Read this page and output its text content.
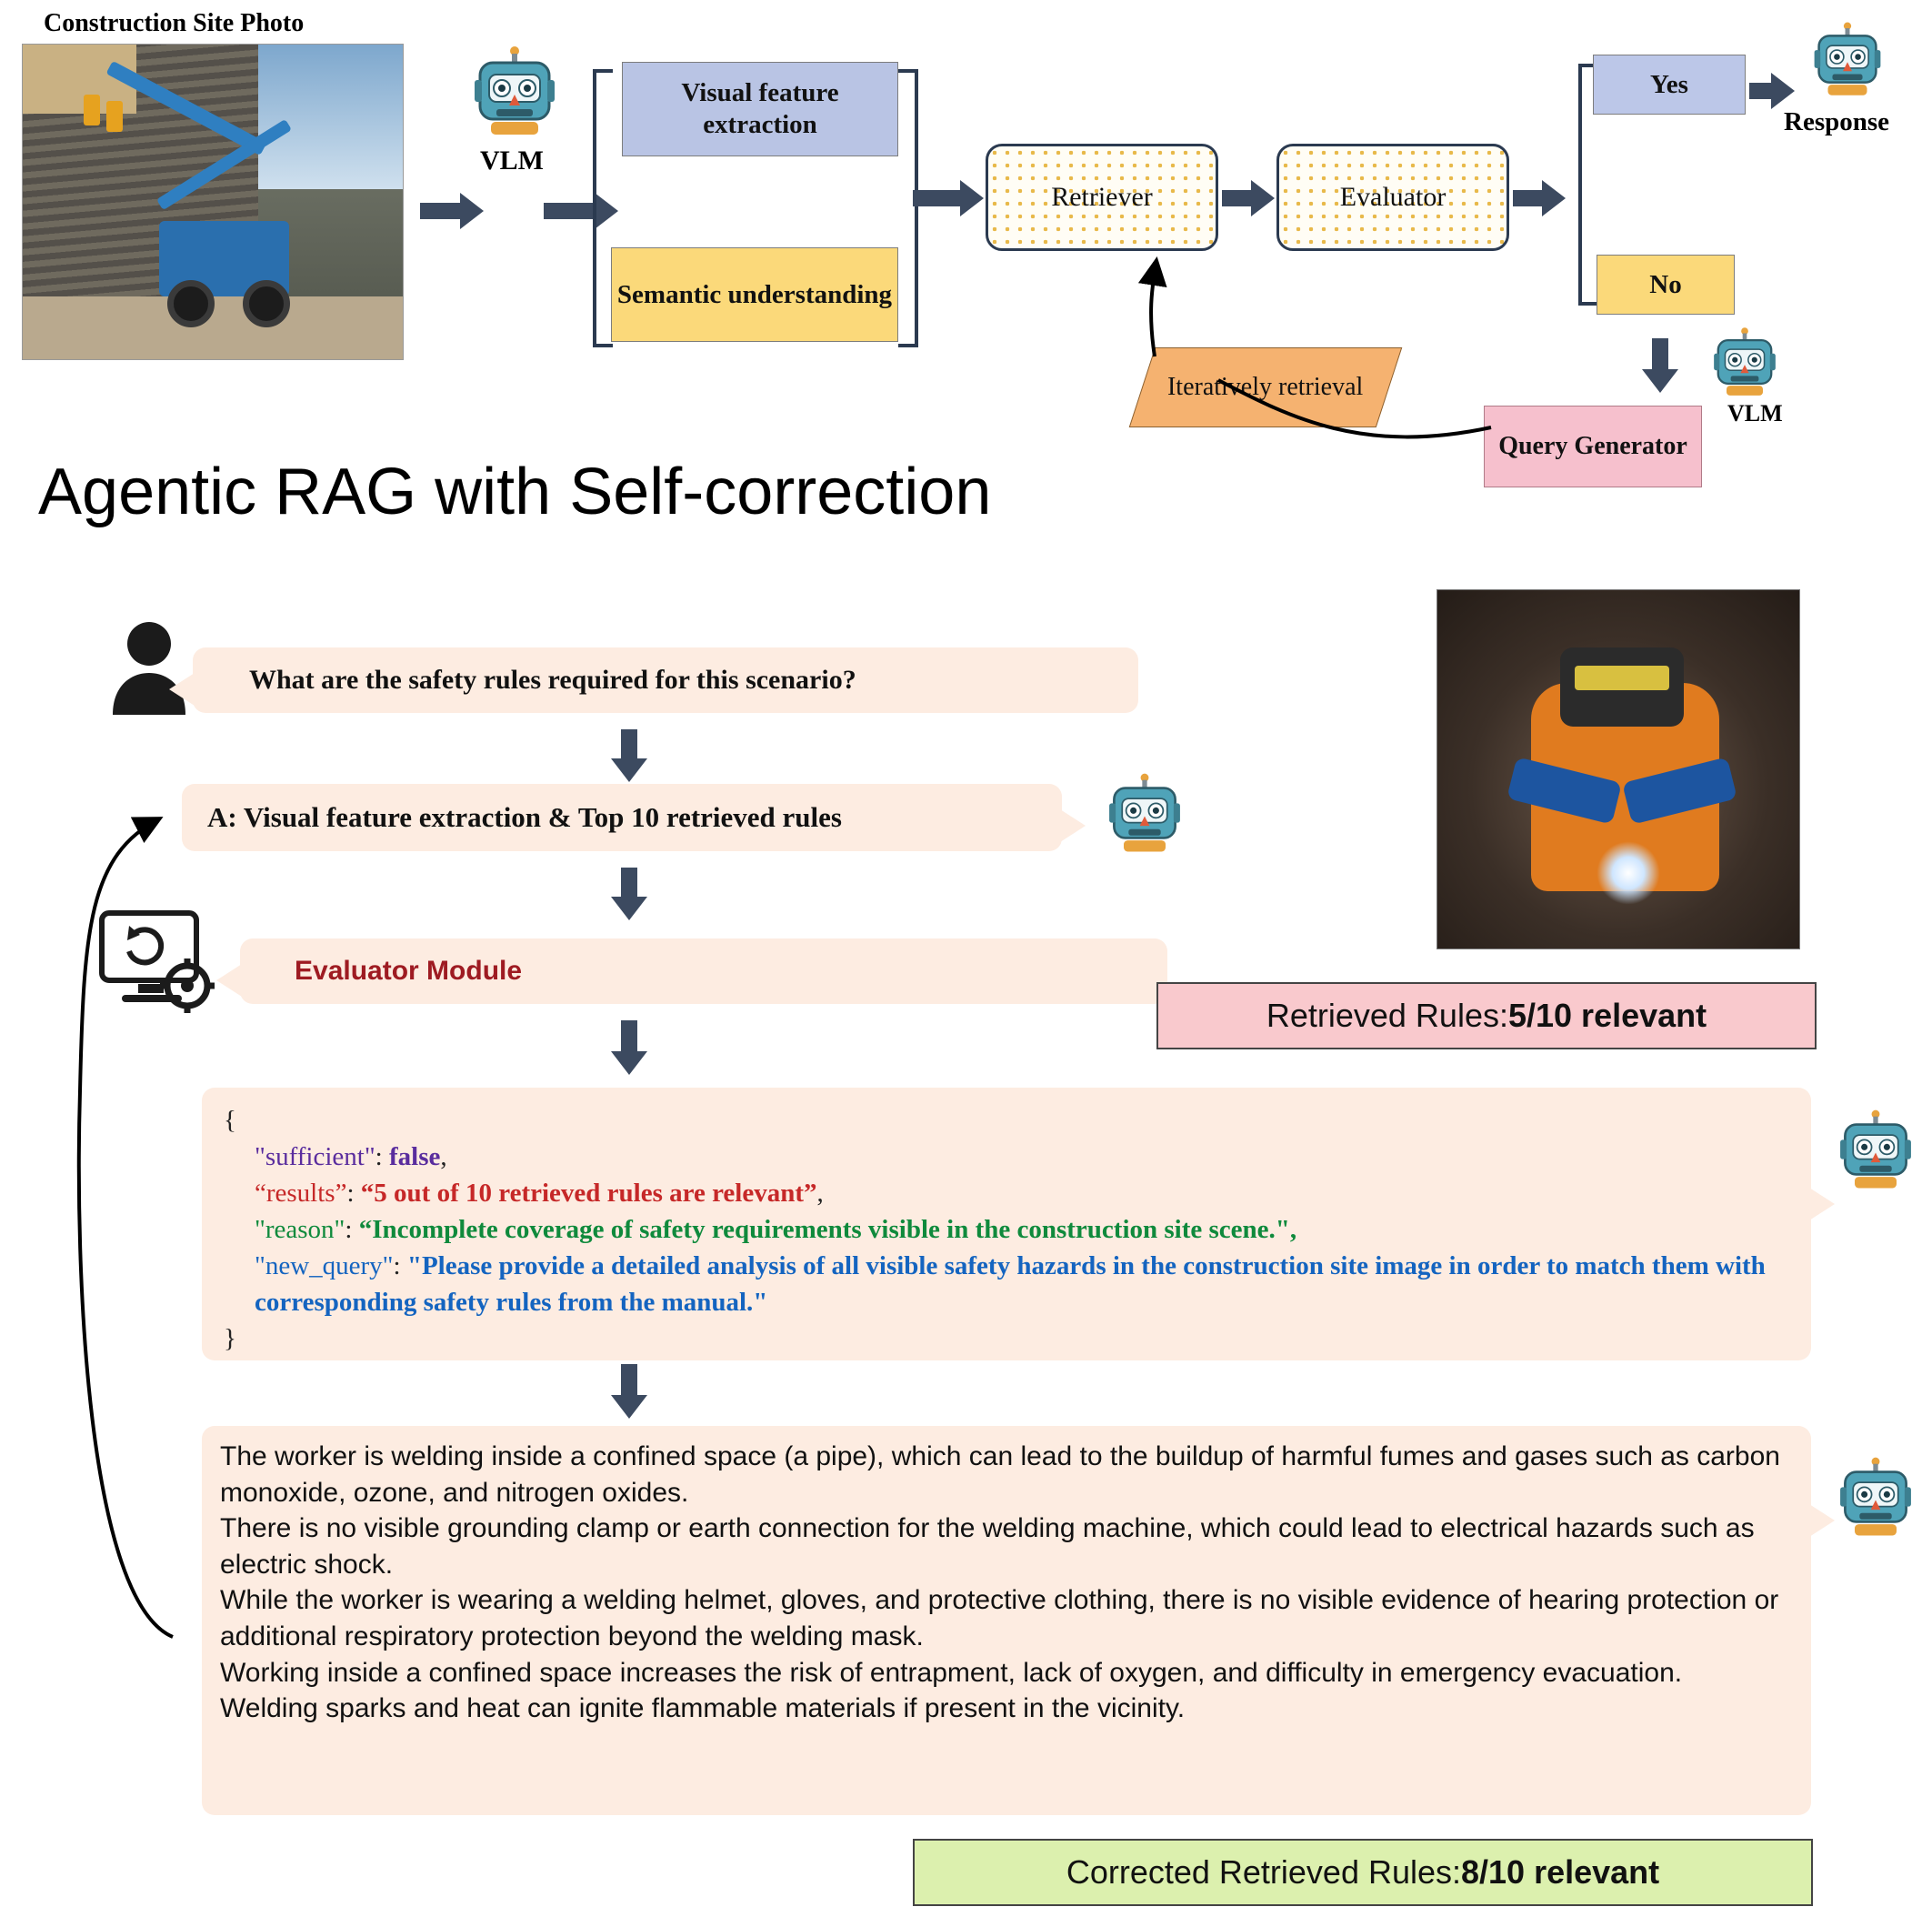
Construction Site Photo
VLM
Visual feature extraction
Semantic understanding
Retriever	Evaluator
Yes
No
Response
VLM
Iteratively retrieval
Query Generator
Agentic RAG with Self-correction
What are the safety rules required for this scenario?
A: Visual feature extraction & Top 10 retrieved rules
Evaluator Module
Retrieved Rules: 5/10 relevant
{
"sufficient": false,
“results”: “5 out of 10 retrieved rules are relevant”,
"reason": “Incomplete coverage of safety requirements visible in the construction site scene.",
"new_query": "Please provide a detailed analysis of all visible safety hazards in the construction site image in order to match them with corresponding safety rules from the manual."
}
The worker is welding inside a confined space (a pipe), which can lead to the buildup of harmful fumes and gases such as carbon monoxide, ozone, and nitrogen oxides.
There is no visible grounding clamp or earth connection for the welding machine, which could lead to electrical hazards such as electric shock.
While the worker is wearing a welding helmet, gloves, and protective clothing, there is no visible evidence of hearing protection or additional respiratory protection beyond the welding mask.
Working inside a confined space increases the risk of entrapment, lack of oxygen, and difficulty in emergency evacuation.
Welding sparks and heat can ignite flammable materials if present in the vicinity.
Corrected Retrieved Rules: 8/10 relevant
